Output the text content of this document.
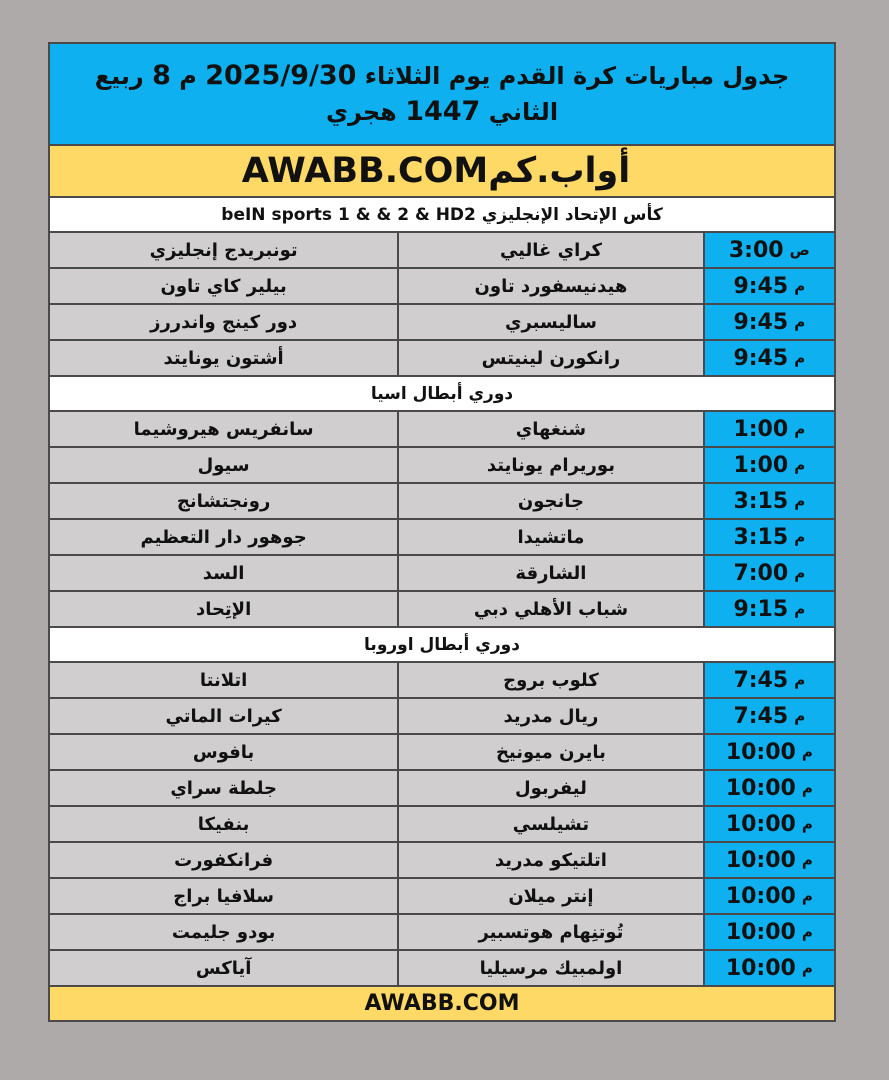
جدول مباريات كرة القدم يوم الثلاثاء 2025/9/30 م 8 ربيع
الثاني 1447 هجري
AWABB.COM أواب.كم
كأس الإتحاد الإنجليزي beIN sports 1 & & 2 & HD2
تونبريدج إنجليزي	كراي غاليي	3:00 ص
بيلير كاي تاون	هيدنيسفورد تاون	9:45 م
دور كينج واندررز	ساليسبري	9:45 م
أشتون يونايتد	رانكورن لينيتس	9:45 م
دوري أبطال اسيا
سانفريس هيروشيما	شنغهاي	1:00 م
سيول	بوريرام يونايتد	1:00 م
رونجتشانج	جانجون	3:15 م
جوهور دار التعظيم	ماتشيدا	3:15 م
السد	الشارقة	7:00 م
الإتِحاد	شباب الأهلي دبي	9:15 م
دوري أبطال اوروبا
اتلانتا	كلوب بروج	7:45 م
كيرات الماتي	ريال مدريد	7:45 م
بافوس	بايرن ميونيخ	10:00 م
جلطة سراي	ليفربول	10:00 م
بنفيكا	تشيلسي	10:00 م
فرانكفورت	اتلتيكو مدريد	10:00 م
سلافيا براج	إنتر ميلان	10:00 م
بودو جليمت	تُوتنِهام هوتسبير	10:00 م
آياكس	اولمبيك مرسيليا	10:00 م
AWABB.COM
